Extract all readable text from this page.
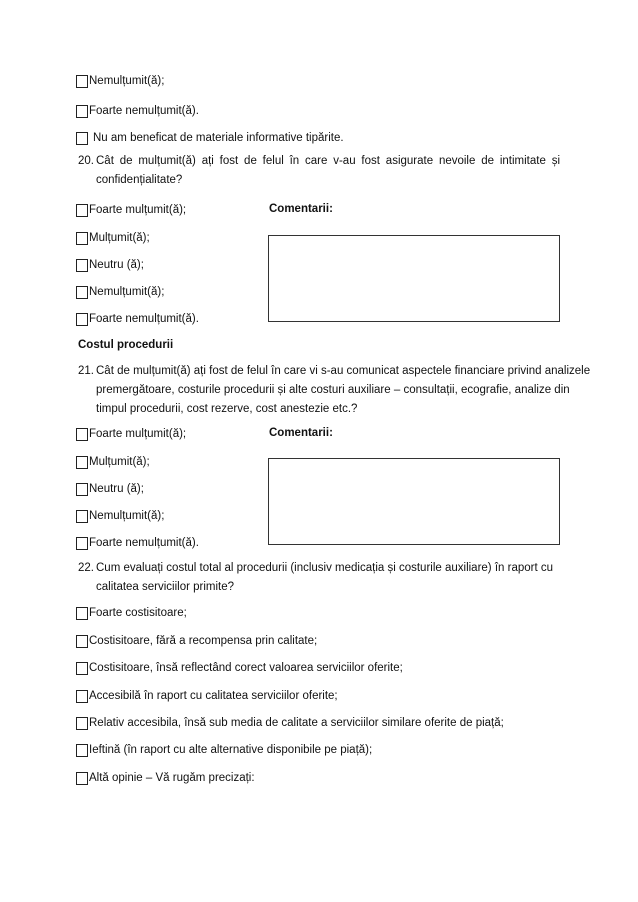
Nemulțumit(ă);
Foarte nemulțumit(ă).
Nu am beneficat de materiale informative tipărite.
20. Cât de mulțumit(ă) ați fost de felul în care v-au fost asigurate nevoile de intimitate și
confidențialitate?
Foarte mulțumit(ă);	Comentarii:
Mulțumit(ă);
Neutru (ă);
Nemulțumit(ă);
Foarte nemulțumit(ă).
Costul procedurii
21. Cât de mulțumit(ă) ați fost de felul în care vi s-au comunicat aspectele financiare privind analizele
premergătoare, costurile procedurii și alte costuri auxiliare – consultații, ecografie, analize din
timpul procedurii, cost rezerve, cost anestezie etc.?
Foarte mulțumit(ă);	Comentarii:
Mulțumit(ă);
Neutru (ă);
Nemulțumit(ă);
Foarte nemulțumit(ă).
22. Cum evaluați costul total al procedurii (inclusiv medicația și costurile auxiliare) în raport cu
calitatea serviciilor primite?
Foarte costisitoare;
Costisitoare, fără a recompensa prin calitate;
Costisitoare, însă reflectând corect valoarea serviciilor oferite;
Accesibilă în raport cu calitatea serviciilor oferite;
Relativ accesibila, însă sub media de calitate a serviciilor similare oferite de piață;
Ieftină (în raport cu alte alternative disponibile pe piață);
Altă opinie – Vă rugăm precizați:
